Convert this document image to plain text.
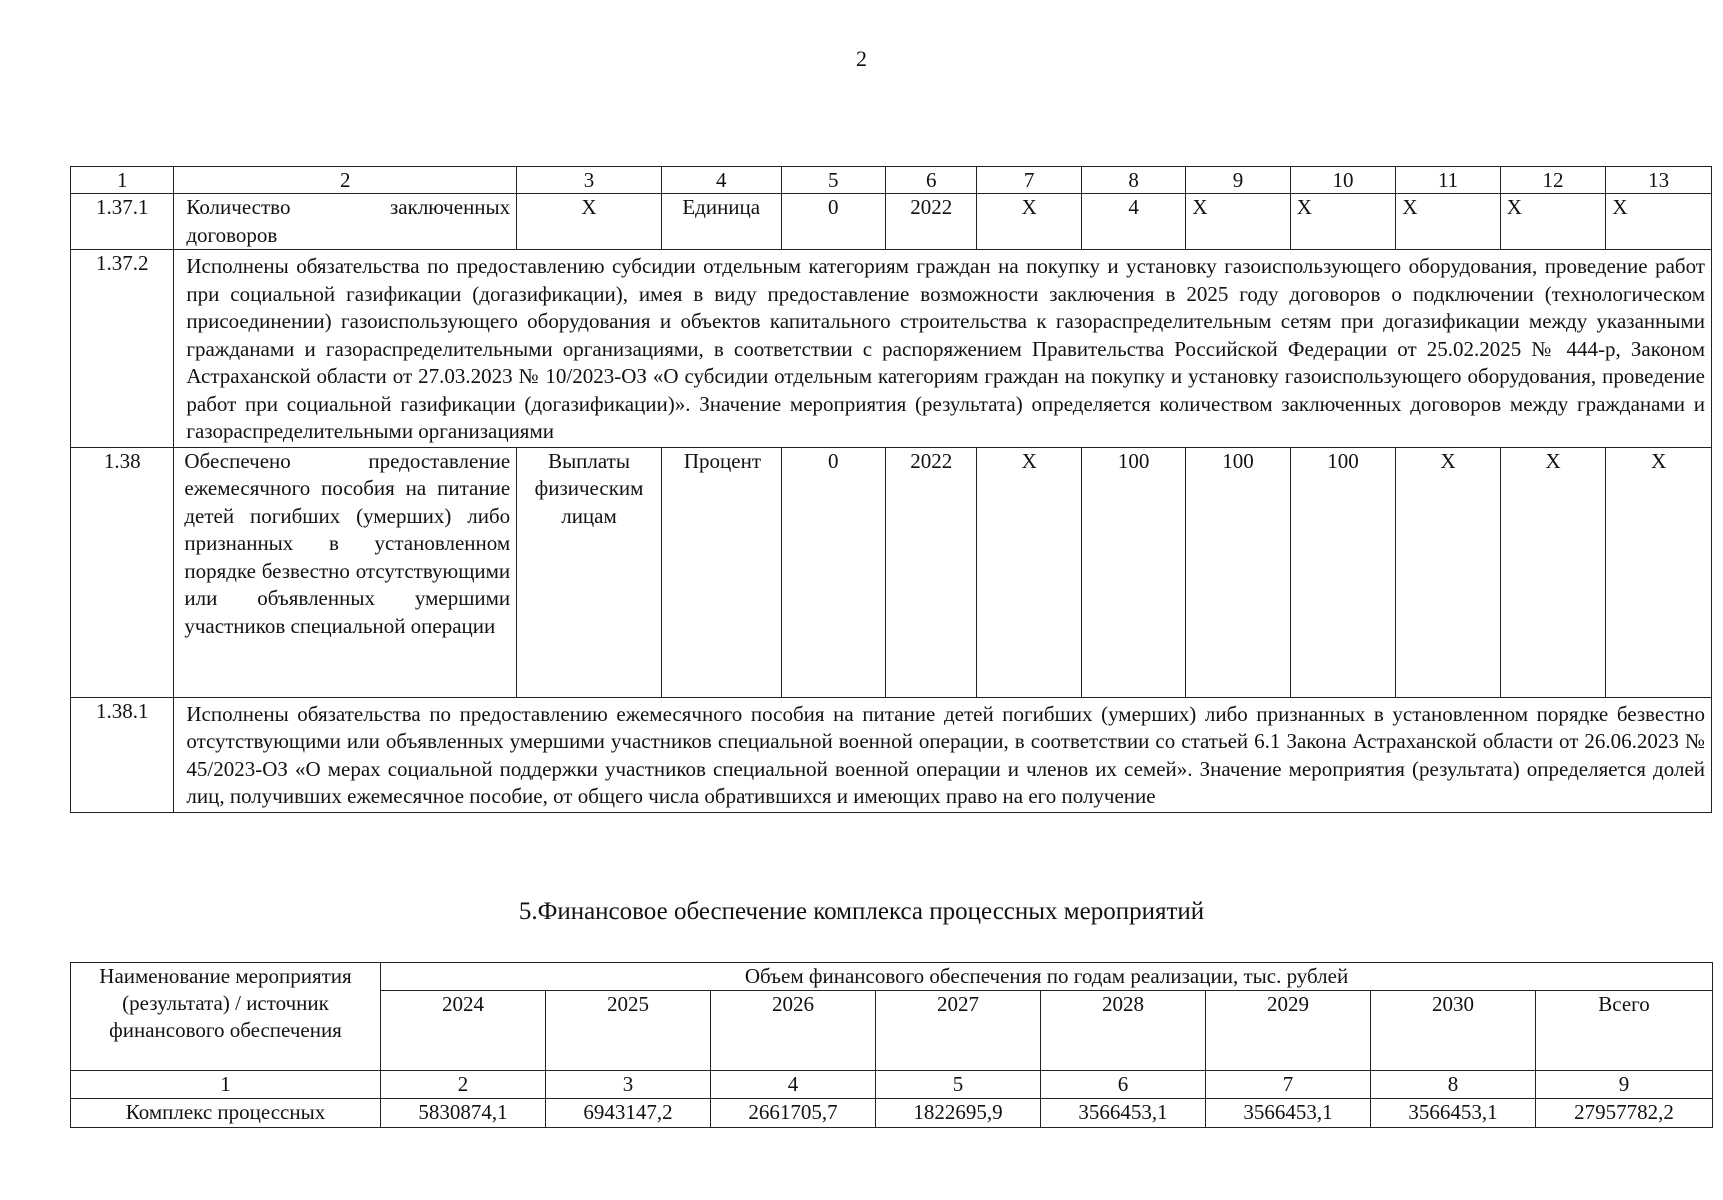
2
1	2	3	4	5	6	7	8	9	10	11	12	13
1.37.1	Количество заключенных договоров	X	Единица	0	2022	X	4	X	X	X	X	X
1.37.2	Исполнены обязательства по предоставлению субсидии отдельным категориям граждан на покупку и установку газоиспользующего оборудования, проведение работ при социальной газификации (догазификации), имея в виду предоставление возможности заключения в 2025 году договоров о подключении (технологическом присоединении) газоиспользующего оборудования и объектов капитального строительства к газораспределительным сетям при догазификации между указанными гражданами и газораспределительными организациями, в соответствии с распоряжением Правительства Российской Федерации от 25.02.2025 № 444-р, Законом Астраханской области от 27.03.2023 № 10/2023-ОЗ «О субсидии отдельным категориям граждан на покупку и установку газоиспользующего оборудования, проведение работ при социальной газификации (догазификации)». Значение мероприятия (результата) определяется количеством заключенных договоров между гражданами и газораспределительными организациями											
1.38	Обеспечено предоставление ежемесячного пособия на питание детей погибших (умерших) либо признанных в установленном порядке безвестно отсутствующими или объявленных умершими участников специальной операции	Выплаты физическим лицам	Процент	0	2022	X	100	100	100	X	X	X
1.38.1	Исполнены обязательства по предоставлению ежемесячного пособия на питание детей погибших (умерших) либо признанных в установленном порядке безвестно отсутствующими или объявленных умершими участников специальной военной операции, в соответствии со статьей 6.1 Закона Астраханской области от 26.06.2023 № 45/2023-ОЗ «О мерах социальной поддержки участников специальной военной операции и членов их семей». Значение мероприятия (результата) определяется долей лиц, получивших ежемесячное пособие, от общего числа обратившихся и имеющих право на его получение											
5.Финансовое обеспечение комплекса процессных мероприятий
Наименование мероприятия (результата) / источник финансового обеспечения	Объем финансового обеспечения по годам реализации, тыс. рублей							
	2024	2025	2026	2027	2028	2029	2030	Всего
1	2	3	4	5	6	7	8	9
Комплекс процессных	5830874,1	6943147,2	2661705,7	1822695,9	3566453,1	3566453,1	3566453,1	27957782,2
